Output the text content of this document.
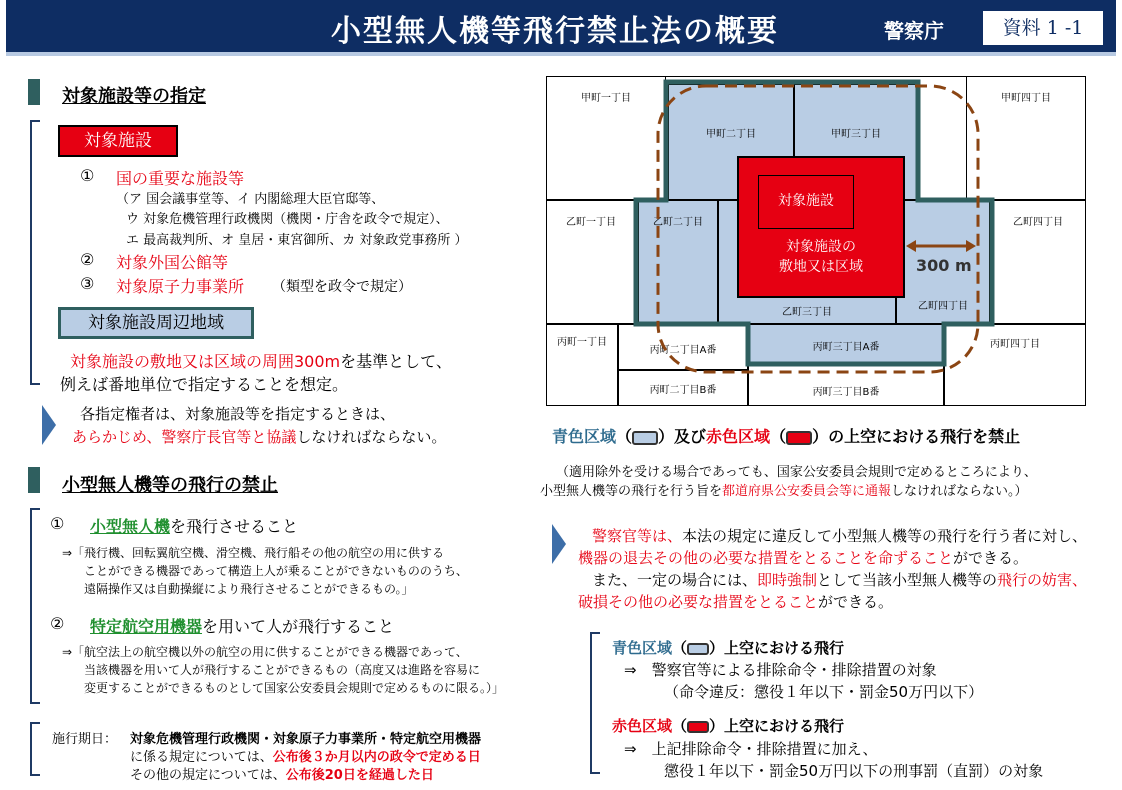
小型無人機等飛行禁止法の概要	警察庁	資料 1 -1
対象施設等の指定
対象施設
① 国の重要な施設等
（ア 国会議事堂等、イ 内閣総理大臣官邸等、
ウ 対象危機管理行政機関（機関・庁舎を政令で規定）、
エ 最高裁判所、オ 皇居・東宮御所、カ 対象政党事務所 ）
② 対象外国公館等
③ 対象原子力事業所 （類型を政令で規定）
対象施設周辺地域
対象施設の敷地又は区域の周囲300mを基準として、
例えば番地単位で指定することを想定。
各指定権者は、対象施設等を指定するときは、
あらかじめ、警察庁長官等と協議しなければならない。
小型無人機等の飛行の禁止
① 小型無人機を飛行させること
⇒「飛行機、回転翼航空機、滑空機、飛行船その他の航空の用に供する
ことができる機器であって構造上人が乗ることができないもののうち、
遠隔操作又は自動操縦により飛行させることができるもの。」
② 特定航空用機器を用いて人が飛行すること
⇒「航空法上の航空機以外の航空の用に供することができる機器であって、
当該機器を用いて人が飛行することができるもの（高度又は進路を容易に
変更することができるものとして国家公安委員会規則で定めるものに限る。）」
施行期日： 対象危機管理行政機関・対象原子力事業所・特定航空用機器
に係る規定については、公布後３か月以内の政令で定める日
その他の規定については、公布後20日を経過した日
甲町一丁目
甲町二丁目	甲町三丁目
甲町四丁目
乙町一丁目	乙町二丁目
乙町三丁目
乙町四丁目
乙町四丁目
丙町一丁目
丙町二丁目A番
丙町二丁目B番
丙町三丁目A番
丙町三丁目B番
丙町四丁目
対象施設
対象施設の
敷地又は区域	300 m
青色区域（ ）及び赤色区域（ ）の上空における飛行を禁止
（適用除外を受ける場合であっても、国家公安委員会規則で定めるところにより、
小型無人機等の飛行を行う旨を都道府県公安委員会等に通報しなければならない。）
警察官等は、本法の規定に違反して小型無人機等の飛行を行う者に対し、
機器の退去その他の必要な措置をとることを命ずることができる。
また、一定の場合には、即時強制として当該小型無人機等の飛行の妨害、
破損その他の必要な措置をとることができる。
青色区域（ ）上空における飛行
⇒　警察官等による排除命令・排除措置の対象
（命令違反：懲役１年以下・罰金50万円以下）
赤色区域（ ）上空における飛行
⇒　上記排除命令・排除措置に加え、
懲役１年以下・罰金50万円以下の刑事罰（直罰）の対象
